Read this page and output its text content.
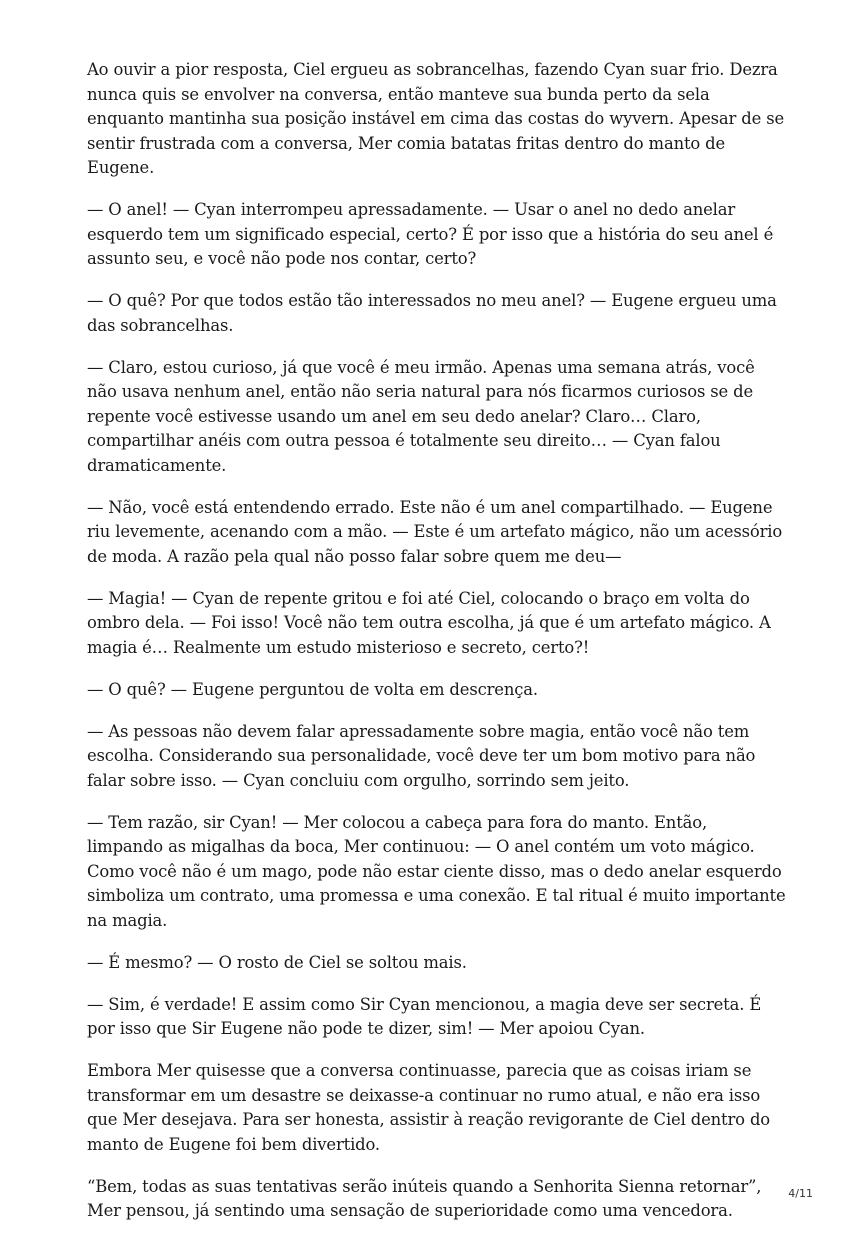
Ao ouvir a pior resposta, Ciel ergueu as sobrancelhas, fazendo Cyan suar frio. Dezra nunca quis se envolver na conversa, então manteve sua bunda perto da sela enquanto mantinha sua posição instável em cima das costas do wyvern. Apesar de se sentir frustrada com a conversa, Mer comia batatas fritas dentro do manto de Eugene.

— O anel! — Cyan interrompeu apressadamente. — Usar o anel no dedo anelar esquerdo tem um significado especial, certo? É por isso que a história do seu anel é assunto seu, e você não pode nos contar, certo?

— O quê? Por que todos estão tão interessados no meu anel? — Eugene ergueu uma das sobrancelhas.

— Claro, estou curioso, já que você é meu irmão. Apenas uma semana atrás, você não usava nenhum anel, então não seria natural para nós ficarmos curiosos se de repente você estivesse usando um anel em seu dedo anelar? Claro… Claro, compartilhar anéis com outra pessoa é totalmente seu direito… — Cyan falou dramaticamente.

— Não, você está entendendo errado. Este não é um anel compartilhado. — Eugene riu levemente, acenando com a mão. — Este é um artefato mágico, não um acessório de moda. A razão pela qual não posso falar sobre quem me deu—

— Magia! — Cyan de repente gritou e foi até Ciel, colocando o braço em volta do ombro dela. — Foi isso! Você não tem outra escolha, já que é um artefato mágico. A magia é… Realmente um estudo misterioso e secreto, certo?!

— O quê? — Eugene perguntou de volta em descrença.

— As pessoas não devem falar apressadamente sobre magia, então você não tem escolha. Considerando sua personalidade, você deve ter um bom motivo para não falar sobre isso. — Cyan concluiu com orgulho, sorrindo sem jeito.

— Tem razão, sir Cyan! — Mer colocou a cabeça para fora do manto. Então, limpando as migalhas da boca, Mer continuou: — O anel contém um voto mágico. Como você não é um mago, pode não estar ciente disso, mas o dedo anelar esquerdo simboliza um contrato, uma promessa e uma conexão. E tal ritual é muito importante na magia.

— É mesmo? — O rosto de Ciel se soltou mais.

— Sim, é verdade! E assim como Sir Cyan mencionou, a magia deve ser secreta. É por isso que Sir Eugene não pode te dizer, sim! — Mer apoiou Cyan.

Embora Mer quisesse que a conversa continuasse, parecia que as coisas iriam se transformar em um desastre se deixasse-a continuar no rumo atual, e não era isso que Mer desejava. Para ser honesta, assistir à reação revigorante de Ciel dentro do manto de Eugene foi bem divertido.

“Bem, todas as suas tentativas serão inúteis quando a Senhorita Sienna retornar”, Mer pensou, já sentindo uma sensação de superioridade como uma vencedora.

4/11
